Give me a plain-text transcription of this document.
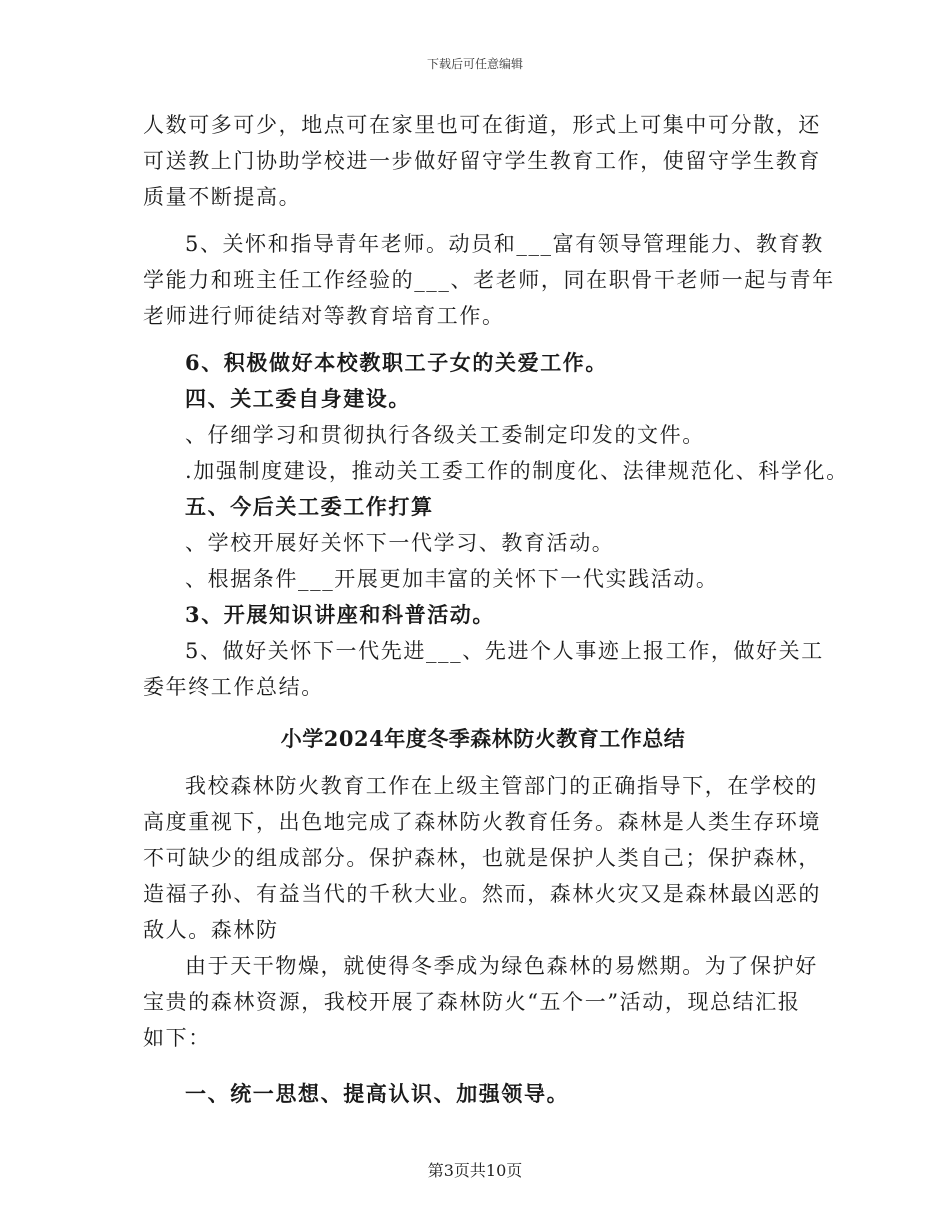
下载后可任意编辑
人数可多可少，地点可在家里也可在街道，形式上可集中可分散，还
可送教上门协助学校进一步做好留守学生教育工作，使留守学生教育
质量不断提高。
5、关怀和指导青年老师。动员和___富有领导管理能力、教育教
学能力和班主任工作经验的___、老老师，同在职骨干老师一起与青年
老师进行师徒结对等教育培育工作。
6、积极做好本校教职工子女的关爱工作。
四、关工委自身建设。
、仔细学习和贯彻执行各级关工委制定印发的文件。
.加强制度建设，推动关工委工作的制度化、法律规范化、科学化。
五、今后关工委工作打算
、学校开展好关怀下一代学习、教育活动。
、根据条件___开展更加丰富的关怀下一代实践活动。
3、开展知识讲座和科普活动。
5、做好关怀下一代先进___、先进个人事迹上报工作，做好关工
委年终工作总结。
小学2024年度冬季森林防火教育工作总结
我校森林防火教育工作在上级主管部门的正确指导下，在学校的
高度重视下，出色地完成了森林防火教育任务。森林是人类生存环境
不可缺少的组成部分。保护森林，也就是保护人类自己；保护森林，
造福子孙、有益当代的千秋大业。然而，森林火灾又是森林最凶恶的
敌人。森林防
由于天干物燥，就使得冬季成为绿色森林的易燃期。为了保护好
宝贵的森林资源，我校开展了森林防火“五个一”活动，现总结汇报
如下：
一、统一思想、提高认识、加强领导。
第3页共10页
